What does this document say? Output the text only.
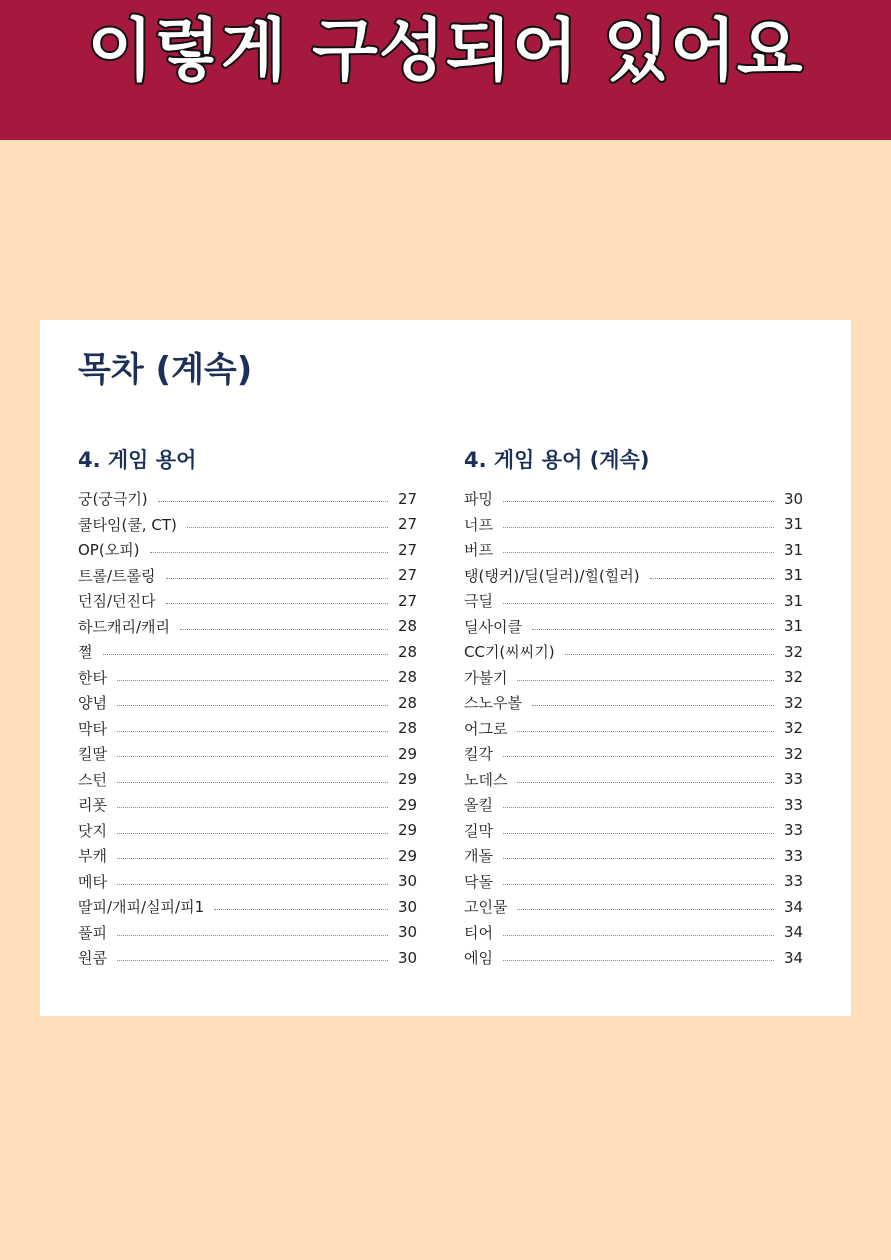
이렇게 구성되어 있어요
목차 (계속)
4. 게임 용어
궁(궁극기)	27
쿨타임(쿨, CT)	27
OP(오피)	27
트롤/트롤링	27
던짐/던진다	27
하드캐리/캐리	28
쩔	28
한타	28
양념	28
막타	28
킬딸	29
스턴	29
리폿	29
닷지	29
부캐	29
메타	30
딸피/개피/실피/피1	30
풀피	30
원콤	30
4. 게임 용어 (계속)
파밍	30
너프	31
버프	31
탱(탱커)/딜(딜러)/힐(힐러)	31
극딜	31
딜사이클	31
CC기(씨씨기)	32
가불기	32
스노우볼	32
어그로	32
킬각	32
노데스	33
올킬	33
길막	33
개돌	33
닥돌	33
고인물	34
티어	34
에임	34
